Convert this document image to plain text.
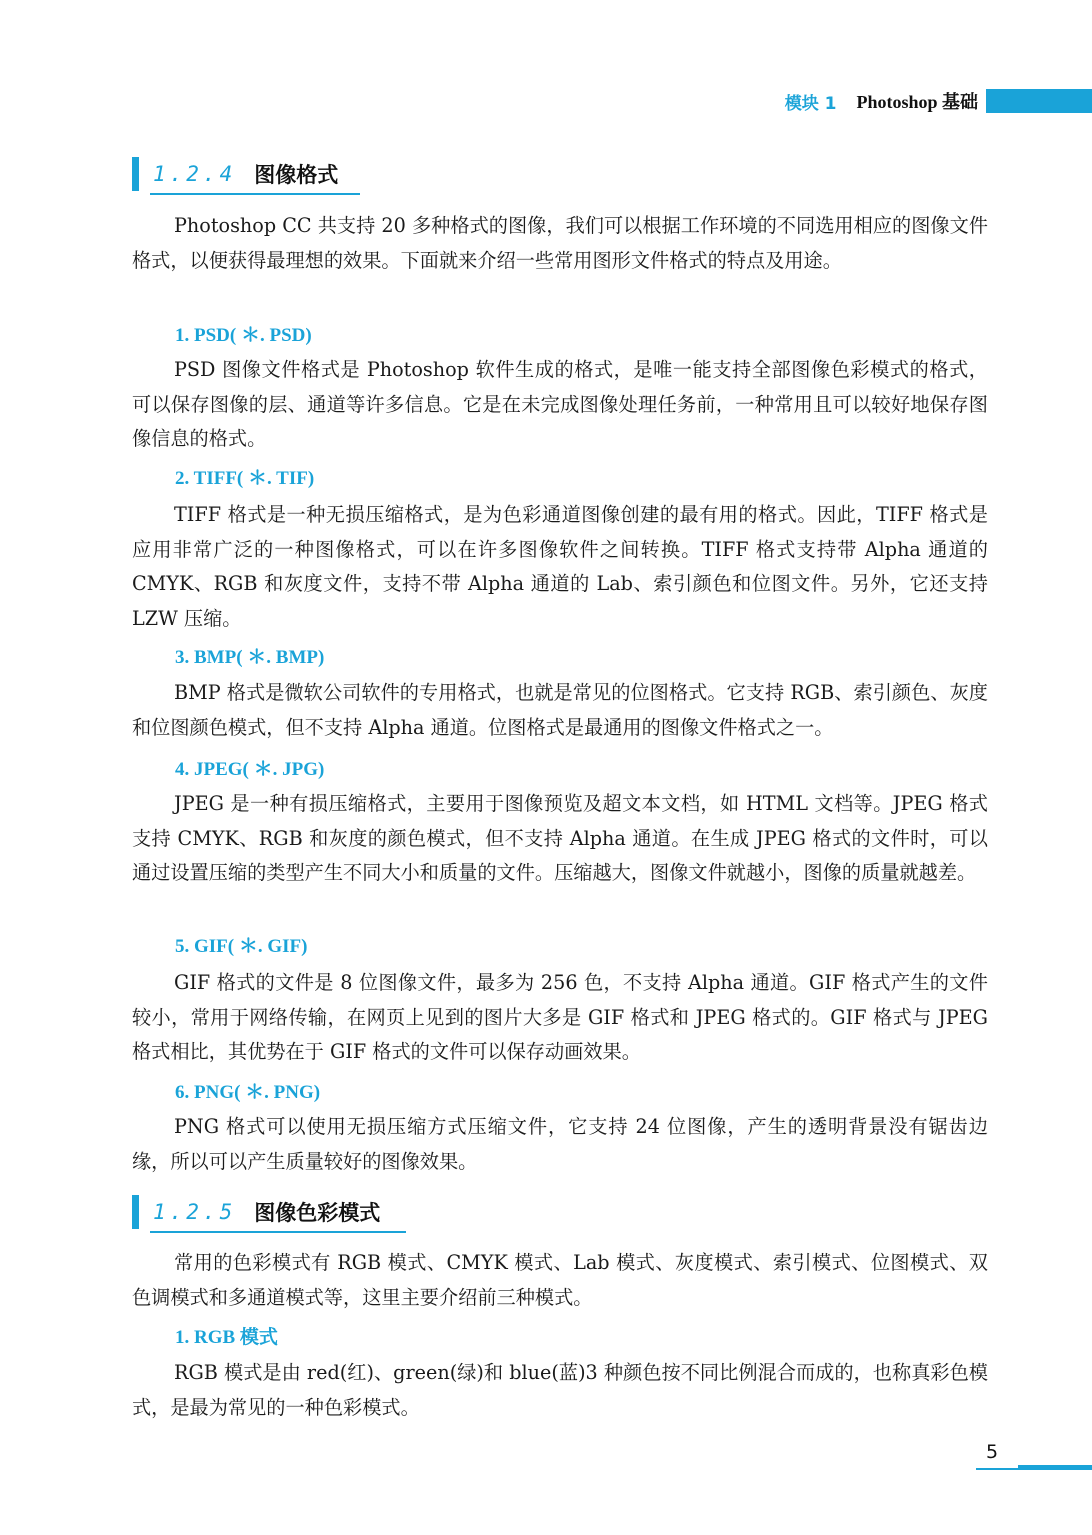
模块 1 Photoshop 基础
1.2.4 图像格式

Photoshop CC 共支持 20 多种格式的图像，我们可以根据工作环境的不同选用相应的图像文件格式，以便获得最理想的效果。下面就来介绍一些常用图形文件格式的特点及用途。

1. PSD( ＊. PSD)

PSD 图像文件格式是 Photoshop 软件生成的格式，是唯一能支持全部图像色彩模式的格式，可以保存图像的层、通道等许多信息。它是在未完成图像处理任务前，一种常用且可以较好地保存图像信息的格式。

2. TIFF( ＊. TIF)

TIFF 格式是一种无损压缩格式，是为色彩通道图像创建的最有用的格式。因此，TIFF 格式是应用非常广泛的一种图像格式，可以在许多图像软件之间转换。TIFF 格式支持带 Alpha 通道的 CMYK、RGB 和灰度文件，支持不带 Alpha 通道的 Lab、索引颜色和位图文件。另外，它还支持 LZW 压缩。

3. BMP( ＊. BMP)

BMP 格式是微软公司软件的专用格式，也就是常见的位图格式。它支持 RGB、索引颜色、灰度和位图颜色模式，但不支持 Alpha 通道。位图格式是最通用的图像文件格式之一。

4. JPEG( ＊. JPG)

JPEG 是一种有损压缩格式，主要用于图像预览及超文本文档，如 HTML 文档等。JPEG 格式支持 CMYK、RGB 和灰度的颜色模式，但不支持 Alpha 通道。在生成 JPEG 格式的文件时，可以通过设置压缩的类型产生不同大小和质量的文件。压缩越大，图像文件就越小，图像的质量就越差。

5. GIF( ＊. GIF)

GIF 格式的文件是 8 位图像文件，最多为 256 色，不支持 Alpha 通道。GIF 格式产生的文件较小，常用于网络传输，在网页上见到的图片大多是 GIF 格式和 JPEG 格式的。GIF 格式与 JPEG 格式相比，其优势在于 GIF 格式的文件可以保存动画效果。

6. PNG( ＊. PNG)

PNG 格式可以使用无损压缩方式压缩文件，它支持 24 位图像，产生的透明背景没有锯齿边缘，所以可以产生质量较好的图像效果。

1.2.5 图像色彩模式

常用的色彩模式有 RGB 模式、CMYK 模式、Lab 模式、灰度模式、索引模式、位图模式、双色调模式和多通道模式等，这里主要介绍前三种模式。

1. RGB 模式

RGB 模式是由 red(红)、green(绿)和 blue(蓝)3 种颜色按不同比例混合而成的，也称真彩色模式，是最为常见的一种色彩模式。

5
